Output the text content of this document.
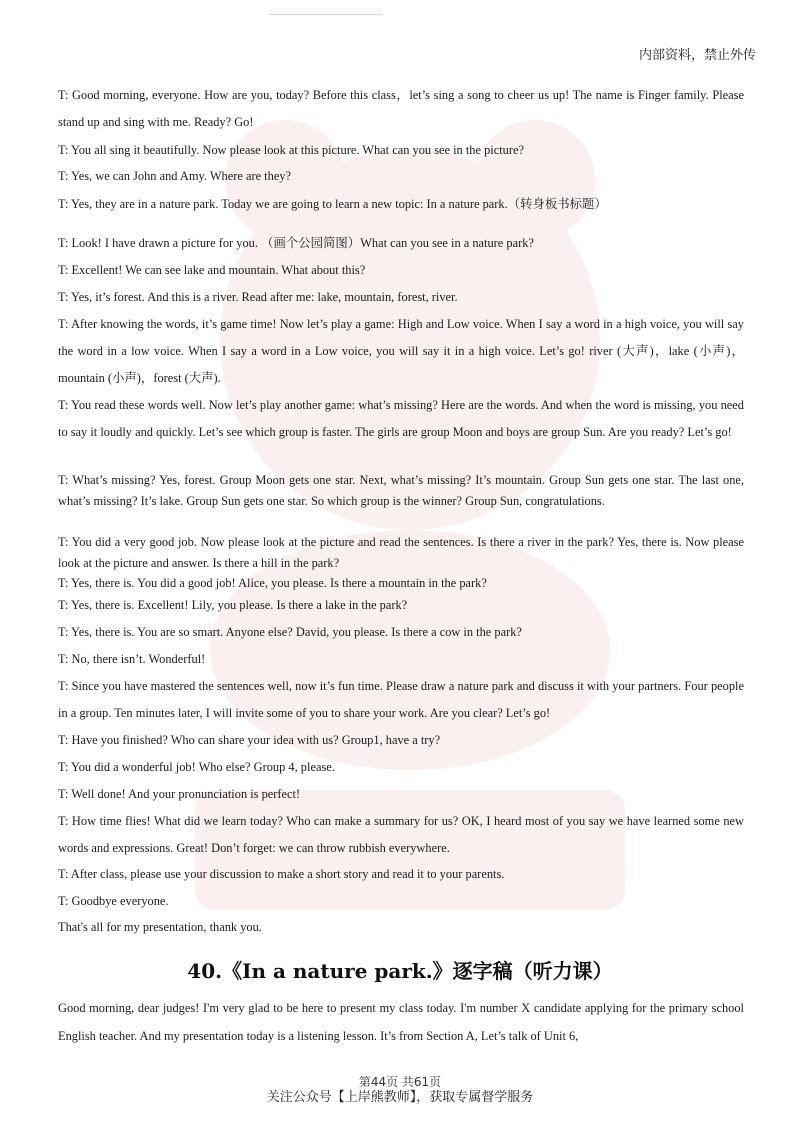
内部资料，禁止外传

T: Good morning, everyone. How are you, today? Before this class，let’s sing a song to cheer us up! The name is Finger family. Please stand up and sing with me. Ready? Go!

T: You all sing it beautifully. Now please look at this picture. What can you see in the picture?

T: Yes, we can John and Amy. Where are they?

T: Yes, they are in a nature park. Today we are going to learn a new topic: In a nature park.（转身板书标题）

T: Look! I have drawn a picture for you. （画个公园简图）What can you see in a nature park?

T: Excellent! We can see lake and mountain. What about this?

T: Yes, it’s forest. And this is a river. Read after me: lake, mountain, forest, river.

T: After knowing the words, it’s game time! Now let’s play a game: High and Low voice. When I say a word in a high voice, you will say the word in a low voice. When I say a word in a Low voice, you will say it in a high voice. Let’s go! river (大声)，lake (小声)，mountain (小声)，forest (大声).

T: You read these words well. Now let’s play another game: what’s missing? Here are the words. And when the word is missing, you need to say it loudly and quickly. Let’s see which group is faster. The girls are group Moon and boys are group Sun. Are you ready? Let’s go!

T: What’s missing? Yes, forest. Group Moon gets one star. Next, what’s missing? It’s mountain. Group Sun gets one star. The last one, what’s missing? It’s lake. Group Sun gets one star. So which group is the winner? Group Sun, congratulations.

T: You did a very good job. Now please look at the picture and read the sentences. Is there a river in the park? Yes, there is. Now please look at the picture and answer. Is there a hill in the park?

T: Yes, there is. You did a good job! Alice, you please. Is there a mountain in the park?

T: Yes, there is. Excellent! Lily, you please. Is there a lake in the park?

T: Yes, there is. You are so smart. Anyone else? David, you please. Is there a cow in the park?

T: No, there isn’t. Wonderful!

T: Since you have mastered the sentences well, now it’s fun time. Please draw a nature park and discuss it with your partners. Four people in a group. Ten minutes later, I will invite some of you to share your work. Are you clear? Let’s go!

T: Have you finished? Who can share your idea with us? Group1, have a try?

T: You did a wonderful job! Who else? Group 4, please.

T: Well done! And your pronunciation is perfect!

T: How time flies! What did we learn today? Who can make a summary for us? OK, I heard most of you say we have learned some new words and expressions. Great! Don’t forget: we can throw rubbish everywhere.

T: After class, please use your discussion to make a short story and read it to your parents.

T: Goodbye everyone.

That's all for my presentation, thank you.

40.《In a nature park.》逐字稿（听力课）

Good morning, dear judges! I'm very glad to be here to present my class today. I'm number X candidate applying for the primary school English teacher. And my presentation today is a listening lesson. It’s from Section A, Let’s talk of Unit 6,

第44页 共61页
关注公众号【上岸熊教师】，获取专属督学服务
